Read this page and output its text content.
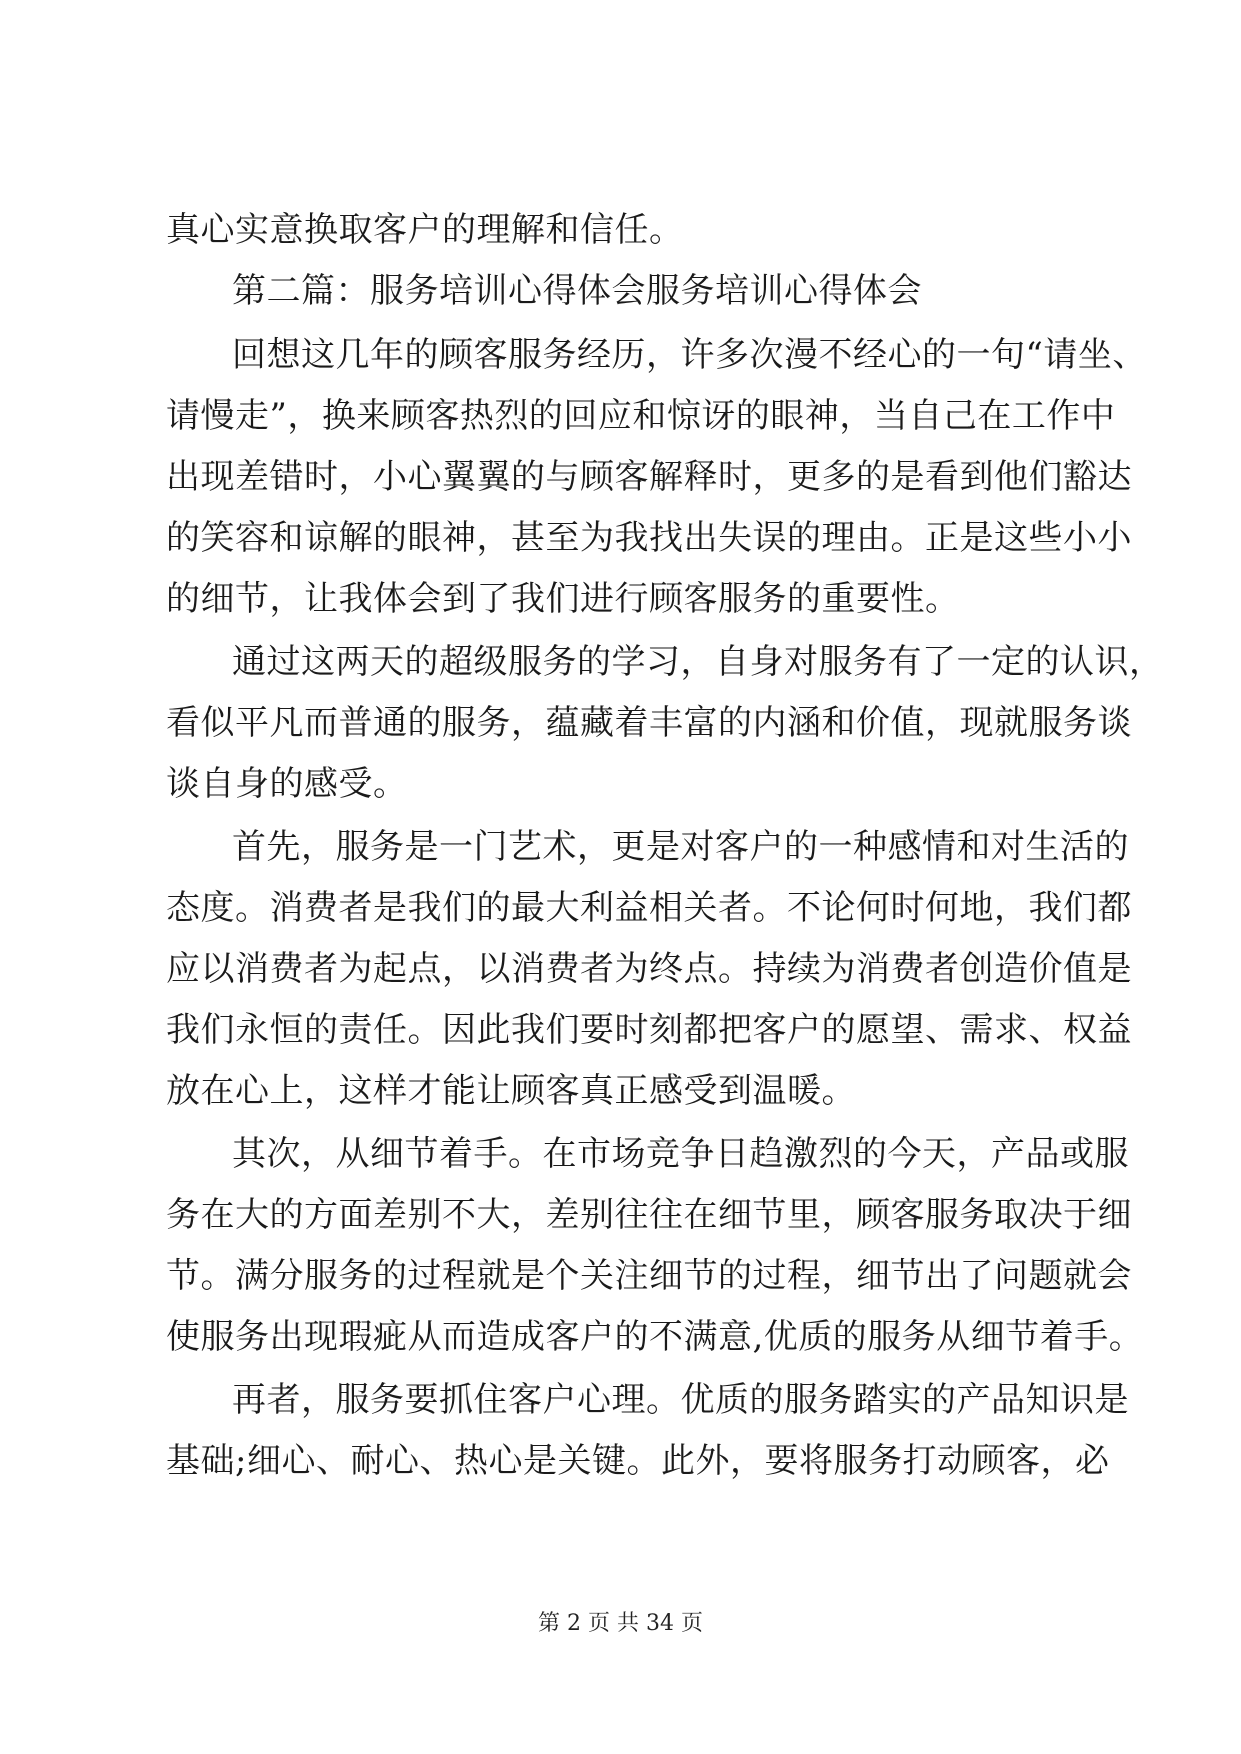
真心实意换取客户的理解和信任。
第二篇：服务培训心得体会服务培训心得体会
回想这几年的顾客服务经历，许多次漫不经心的一句“请坐、
请慢走”，换来顾客热烈的回应和惊讶的眼神，当自己在工作中
出现差错时，小心翼翼的与顾客解释时，更多的是看到他们豁达
的笑容和谅解的眼神，甚至为我找出失误的理由。正是这些小小
的细节，让我体会到了我们进行顾客服务的重要性。
通过这两天的超级服务的学习，自身对服务有了一定的认识，
看似平凡而普通的服务，蕴藏着丰富的内涵和价值，现就服务谈
谈自身的感受。
首先，服务是一门艺术，更是对客户的一种感情和对生活的
态度。消费者是我们的最大利益相关者。不论何时何地，我们都
应以消费者为起点，以消费者为终点。持续为消费者创造价值是
我们永恒的责任。因此我们要时刻都把客户的愿望、需求、权益
放在心上，这样才能让顾客真正感受到温暖。
其次，从细节着手。在市场竞争日趋激烈的今天，产品或服
务在大的方面差别不大，差别往往在细节里，顾客服务取决于细
节。满分服务的过程就是个关注细节的过程，细节出了问题就会
使服务出现瑕疵从而造成客户的不满意,优质的服务从细节着手。
再者，服务要抓住客户心理。优质的服务踏实的产品知识是
基础;细心、耐心、热心是关键。此外，要将服务打动顾客，必
第 2 页 共 34 页
